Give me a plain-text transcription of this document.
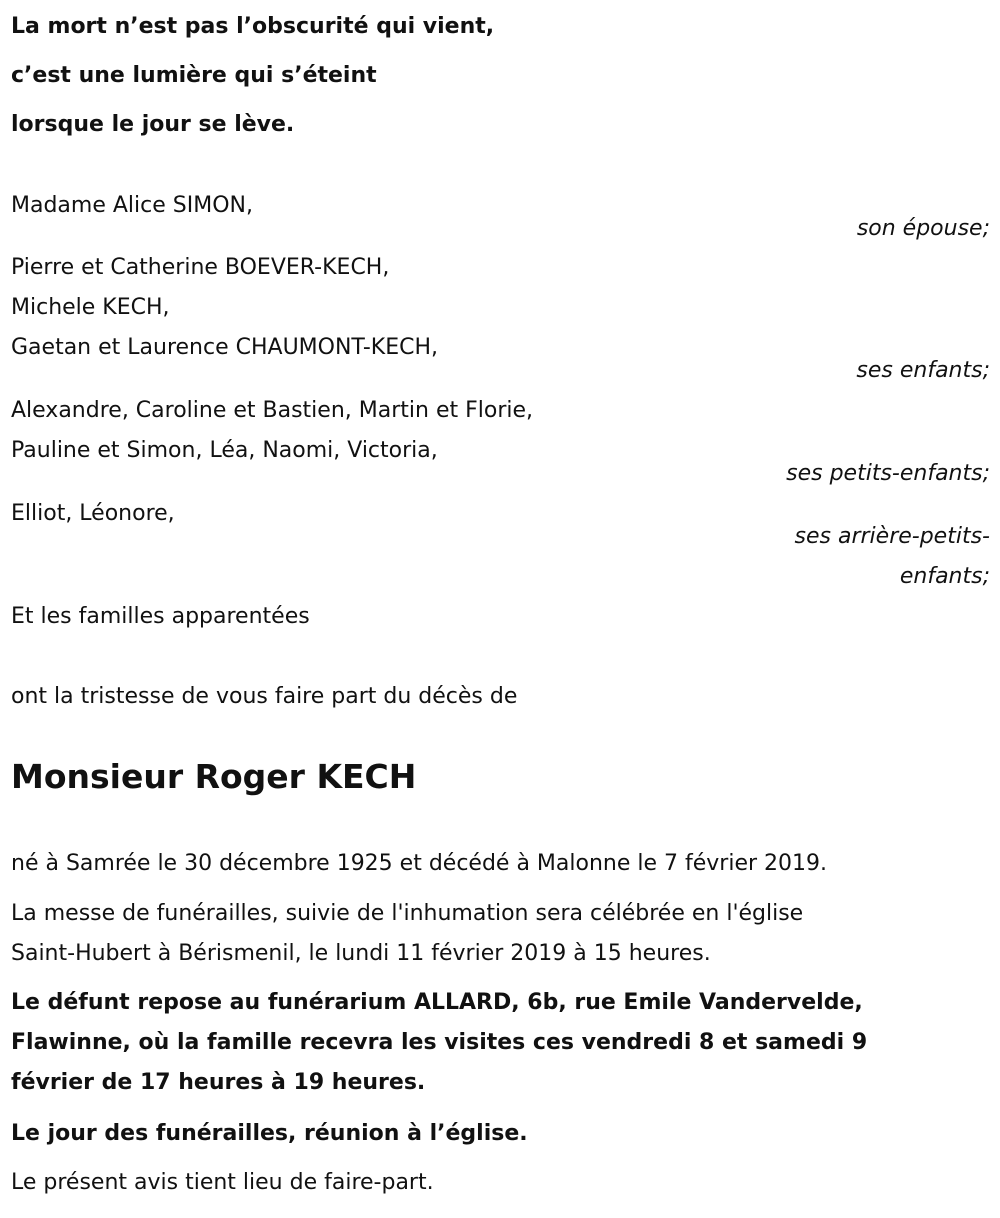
La mort n’est pas l’obscurité qui vient,
c’est une lumière qui s’éteint
lorsque le jour se lève.
Madame Alice SIMON,
son épouse;
Pierre et Catherine BOEVER-KECH,
Michele KECH,
Gaetan et Laurence CHAUMONT-KECH,
ses enfants;
Alexandre, Caroline et Bastien, Martin et Florie,
Pauline et Simon, Léa, Naomi, Victoria,
ses petits-enfants;
Elliot, Léonore,
ses arrière-petits-
enfants;
Et les familles apparentées
ont la tristesse de vous faire part du décès de
Monsieur Roger KECH
né à Samrée le 30 décembre 1925 et décédé à Malonne le 7 février 2019.
La messe de funérailles, suivie de l'inhumation sera célébrée en l'église
Saint-Hubert à Bérismenil, le lundi 11 février 2019 à 15 heures.
Le défunt repose au funérarium ALLARD, 6b, rue Emile Vandervelde,
Flawinne, où la famille recevra les visites ces vendredi 8 et samedi 9
février de 17 heures à 19 heures.
Le jour des funérailles, réunion à l’église.
Le présent avis tient lieu de faire-part.
